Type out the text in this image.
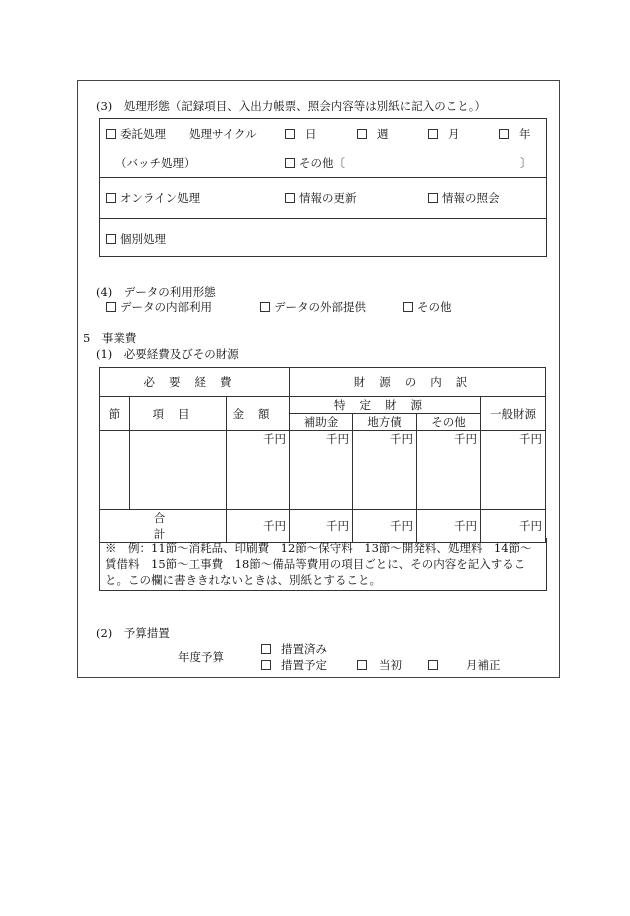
(3)　処理形態（記録項目、入出力帳票、照会内容等は別紙に記入のこと。）
委託処理 処理サイクル	日	週	月	年
（バッチ処理）	その他〔	〕
オンライン処理	情報の更新	情報の照会
個別処理
(4)　データの利用形態
データの内部利用	データの外部提供	その他
5　事業費
(1)　必要経費及びその財源
必要経費			財源の内訳			
節	項目	金額	特定財源			一般財源
			補助金	地方債	その他	
		千円	千円	千円	千円	千円
合計		千円	千円	千円	千円	千円
※　例：11節～消耗品、印刷費　12節～保守料　13節～開発料、処理料　14節～賃借料　15節～工事費　18節～備品等費用の項目ごとに、その内容を記入すること。この欄に書ききれないときは、別紙とすること。
(2)　予算措置
年度予算
措置済み
措置予定	当初	月補正
